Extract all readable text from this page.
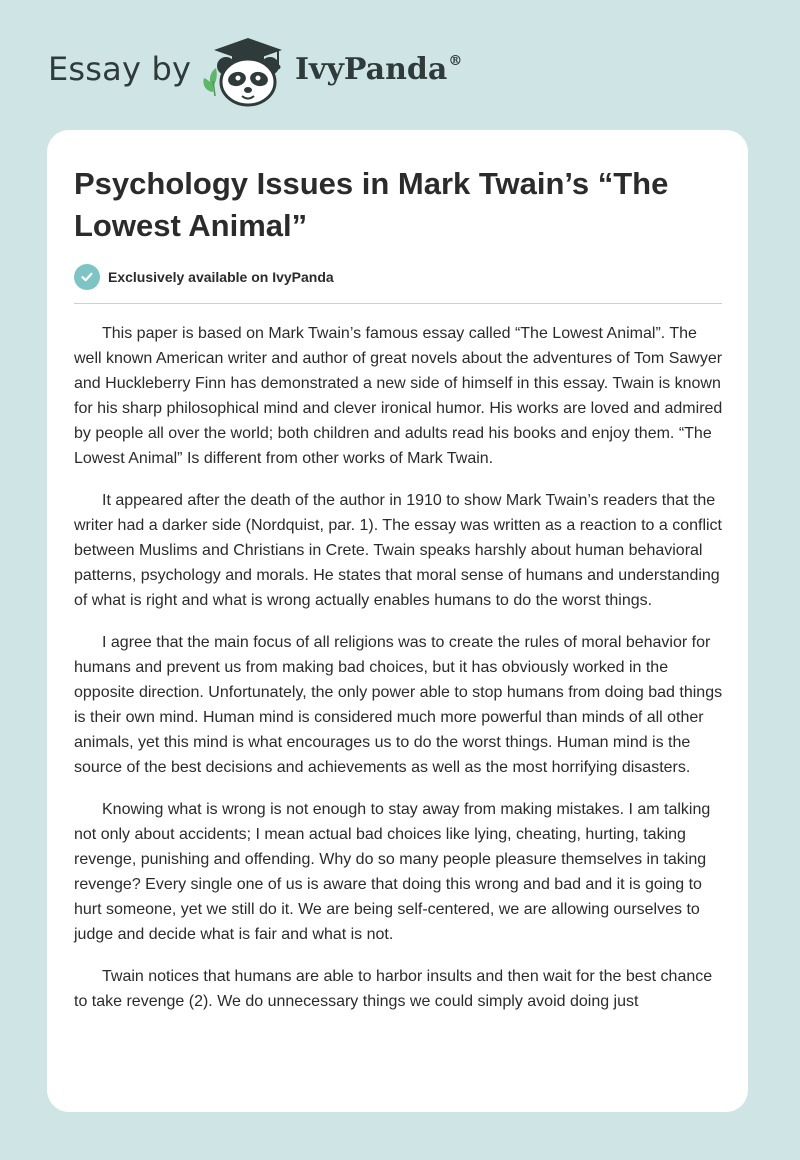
Essay by	IvyPanda®
Psychology Issues in Mark Twain’s “The Lowest Animal”
Exclusively available on IvyPanda

This paper is based on Mark Twain’s famous essay called “The Lowest Animal”. The well known American writer and author of great novels about the adventures of Tom Sawyer and Huckleberry Finn has demonstrated a new side of himself in this essay. Twain is known for his sharp philosophical mind and clever ironical humor. His works are loved and admired by people all over the world; both children and adults read his books and enjoy them. “The Lowest Animal” Is different from other works of Mark Twain.

It appeared after the death of the author in 1910 to show Mark Twain’s readers that the writer had a darker side (Nordquist, par. 1). The essay was written as a reaction to a conflict between Muslims and Christians in Crete. Twain speaks harshly about human behavioral patterns, psychology and morals. He states that moral sense of humans and understanding of what is right and what is wrong actually enables humans to do the worst things.

I agree that the main focus of all religions was to create the rules of moral behavior for humans and prevent us from making bad choices, but it has obviously worked in the opposite direction. Unfortunately, the only power able to stop humans from doing bad things is their own mind. Human mind is considered much more powerful than minds of all other animals, yet this mind is what encourages us to do the worst things. Human mind is the source of the best decisions and achievements as well as the most horrifying disasters.

Knowing what is wrong is not enough to stay away from making mistakes. I am talking not only about accidents; I mean actual bad choices like lying, cheating, hurting, taking revenge, punishing and offending. Why do so many people pleasure themselves in taking revenge? Every single one of us is aware that doing this wrong and bad and it is going to hurt someone, yet we still do it. We are being self-centered, we are allowing ourselves to judge and decide what is fair and what is not.

Twain notices that humans are able to harbor insults and then wait for the best chance to take revenge (2). We do unnecessary things we could simply avoid doing just
